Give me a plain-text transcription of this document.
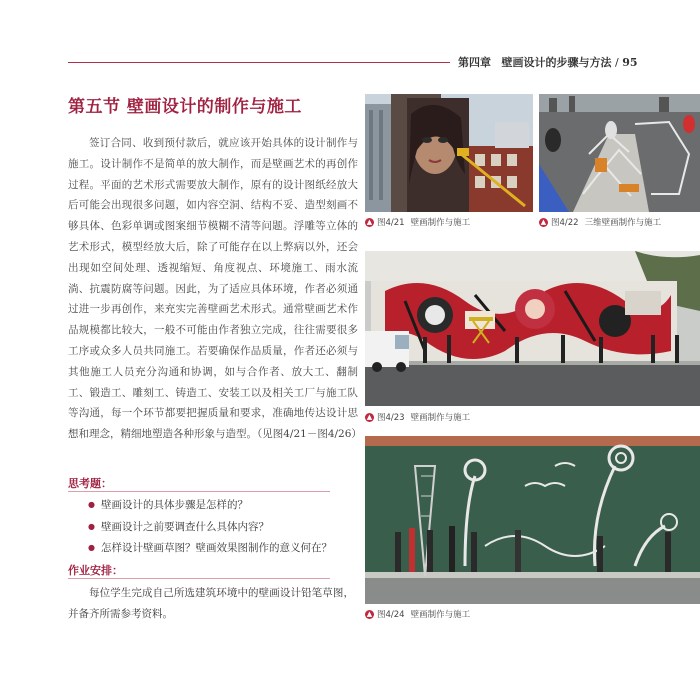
第四章 壁画设计的步骤与方法 / 95
第五节 壁画设计的制作与施工
签订合同、收到预付款后，就应该开始具体的设计制作与施工。设计制作不是简单的放大制作，而是壁画艺术的再创作过程。平面的艺术形式需要放大制作，原有的设计图纸经放大后可能会出现很多问题，如内容空洞、结构不妥、造型刻画不够具体、色彩单调或图案细节模糊不清等问题。浮雕等立体的艺术形式，模型经放大后，除了可能存在以上弊病以外，还会出现如空间处理、透视缩短、角度视点、环境施工、雨水流淌、抗震防腐等问题。因此，为了适应具体环境，作者必须通过进一步再创作，来充实完善壁画艺术形式。通常壁画艺术作品规模都比较大，一般不可能由作者独立完成，往往需要很多工序或众多人员共同施工。若要确保作品质量，作者还必须与其他施工人员充分沟通和协调，如与合作者、放大工、翻制工、锻造工、雕刻工、铸造工、安装工以及相关工厂与施工队等沟通，每一个环节都要把握质量和要求，准确地传达设计思想和理念，精细地塑造各种形象与造型。（见图4/21－图4/26）
思考题：
● 壁画设计的具体步骤是怎样的？
● 壁画设计之前要调查什么具体内容？
● 怎样设计壁画草图？壁画效果图制作的意义何在？
作业安排：
每位学生完成自己所选建筑环境中的壁画设计铅笔草图，并备齐所需参考资料。
▲ 图4/21 壁画制作与施工	▲ 图4/22 三维壁画制作与施工
▲ 图4/23 壁画制作与施工
▲ 图4/24 壁画制作与施工
